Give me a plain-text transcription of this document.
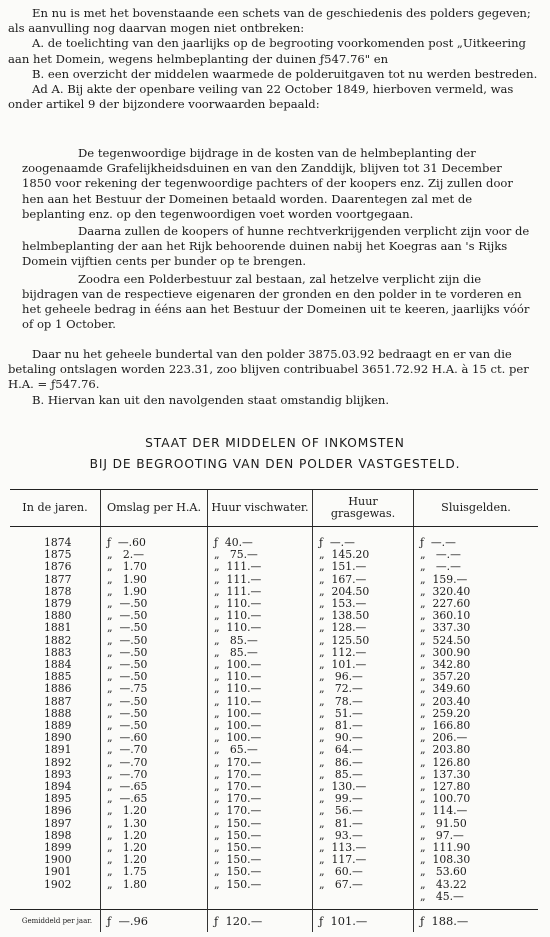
En nu is met het bovenstaande een schets van de geschiedenis des polders gegeven; als aanvulling nog daarvan mogen niet ontbreken:

A. de toelichting van den jaarlijks op de begrooting voorkomenden post „Uitkeering aan het Domein, wegens helmbeplanting der duinen ƒ547.76" en

B. een overzicht der middelen waarmede de polderuitgaven tot nu werden bestreden.

Ad A. Bij akte der openbare veiling van 22 October 1849, hierboven vermeld, was onder artikel 9 der bijzondere voorwaarden bepaald:

De tegenwoordige bijdrage in de kosten van de helmbeplanting der zoogenaamde Grafelijkheidsduinen en van den Zanddijk, blijven tot 31 December 1850 voor rekening der tegenwoordige pachters of der koopers enz. Zij zullen door hen aan het Bestuur der Domeinen betaald worden. Daarentegen zal met de beplanting enz. op den tegenwoordigen voet worden voortgegaan.

Daarna zullen de koopers of hunne rechtverkrijgenden verplicht zijn voor de helmbeplanting der aan het Rijk behoorende duinen nabij het Koegras aan 's Rijks Domein vijftien cents per bunder op te brengen.

Zoodra een Polderbestuur zal bestaan, zal hetzelve verplicht zijn die bijdragen van de respectieve eigenaren der gronden en den polder in te vorderen en het geheele bedrag in ééns aan het Bestuur der Domeinen uit te keeren, jaarlijks vóór of op 1 October.

Daar nu het geheele bundertal van den polder 3875.03.92 bedraagt en er van die betaling ontslagen worden 223.31, zoo blijven contribuabel 3651.72.92 H.A. à 15 ct. per H.A. = ƒ547.76.

B. Hiervan kan uit den navolgenden staat omstandig blijken.

STAAT DER MIDDELEN OF INKOMSTEN
BIJ DE BEGROOTING VAN DEN POLDER VASTGESTELD.
In de jaren.	Omslag per H.A.	Huur vischwater.	Huur grasgewas.	Sluisgelden.
1874	ƒ  —.60	ƒ  40.—	ƒ  —.—	ƒ  —.—
1875	„   2.—	„   75.—	„  145.20	„   —.—
1876	„   1.70	„  111.—	„  151.—	„   —.—
1877	„   1.90	„  111.—	„  167.—	„  159.—
1878	„   1.90	„  111.—	„  204.50	„  320.40
1879	„  —.50	„  110.—	„  153.—	„  227.60
1880	„  —.50	„  110.—	„  138.50	„  360.10
1881	„  —.50	„  110.—	„  128.—	„  337.30
1882	„  —.50	„   85.—	„  125.50	„  524.50
1883	„  —.50	„   85.—	„  112.—	„  300.90
1884	„  —.50	„  100.—	„  101.—	„  342.80
1885	„  —.50	„  110.—	„   96.—	„  357.20
1886	„  —.75	„  110.—	„   72.—	„  349.60
1887	„  —.50	„  110.—	„   78.—	„  203.40
1888	„  —.50	„  100.—	„   51.—	„  259.20
1889	„  —.50	„  100.—	„   81.—	„  166.80
1890	„  —.60	„  100.—	„   90.—	„  206.—
1891	„  —.70	„   65.—	„   64.—	„  203.80
1892	„  —.70	„  170.—	„   86.—	„  126.80
1893	„  —.70	„  170.—	„   85.—	„  137.30
1894	„  —.65	„  170.—	„  130.—	„  127.80
1895	„  —.65	„  170.—	„   99.—	„  100.70
1896	„   1.20	„  170.—	„   56.—	„  114.—
1897	„   1.30	„  150.—	„   81.—	„   91.50
1898	„   1.20	„  150.—	„   93.—	„   97.—
1899	„   1.20	„  150.—	„  113.—	„  111.90
1900	„   1.20	„  150.—	„  117.—	„  108.30
1901	„   1.75	„  150.—	„   60.—	„   53.60
1902	„   1.80	„  150.—	„   67.—	„   43.22
				„   45.—
Gemiddeld per jaar.	ƒ  —.96	ƒ  120.—	ƒ  101.—	ƒ  188.—
